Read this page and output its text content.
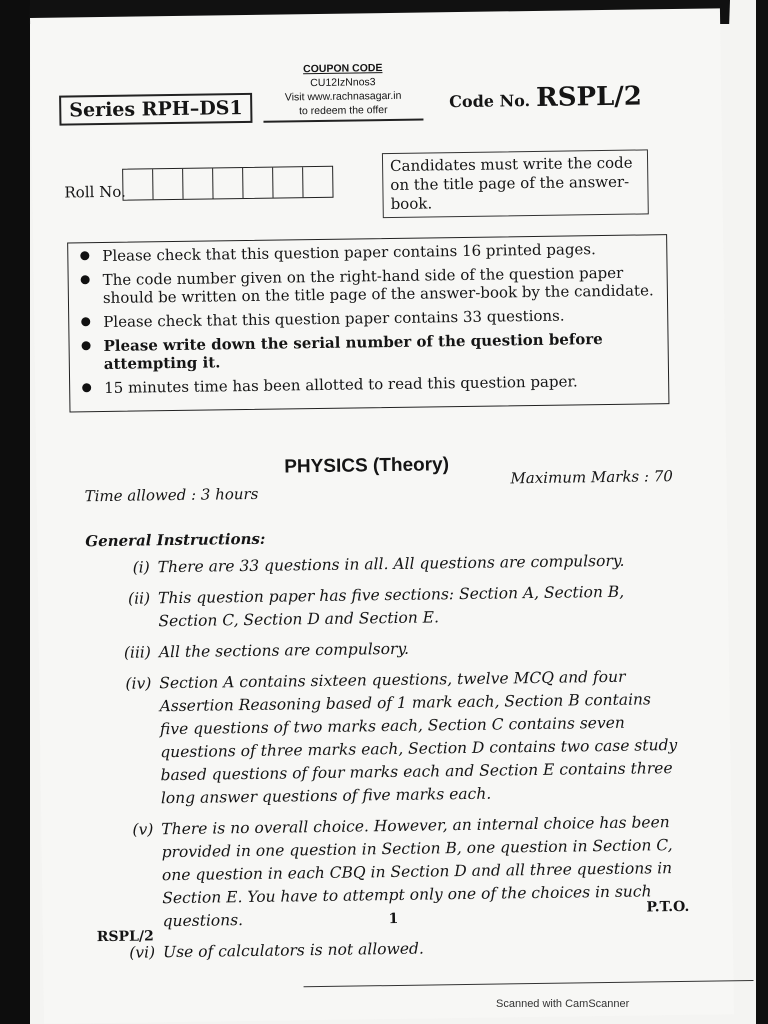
Series RPH–DS1
COUPON CODE
CU12IzNnos3
Visit www.rachnasagar.in
to redeem the offer	Code No. RSPL/2
Roll No.
Candidates must write the code on the title page of the answer-book.
Please check that this question paper contains 16 printed pages.
The code number given on the right-hand side of the question paper should be written on the title page of the answer-book by the candidate.
Please check that this question paper contains 33 questions.
Please write down the serial number of the question before attempting it.
15 minutes time has been allotted to read this question paper.
PHYSICS (Theory)
Time allowed : 3 hours
Maximum Marks : 70
General Instructions:
(i) There are 33 questions in all. All questions are compulsory.
(ii) This question paper has five sections: Section A, Section B, Section C, Section D and Section E.
(iii) All the sections are compulsory.
(iv) Section A contains sixteen questions, twelve MCQ and four Assertion Reasoning based of 1 mark each, Section B contains five questions of two marks each, Section C contains seven questions of three marks each, Section D contains two case study based questions of four marks each and Section E contains three long answer questions of five marks each.
(v) There is no overall choice. However, an internal choice has been provided in one question in Section B, one question in Section C, one question in each CBQ in Section D and all three questions in Section E. You have to attempt only one of the choices in such questions.
(vi) Use of calculators is not allowed.
P.T.O.
1
RSPL/2
Scanned with CamScanner
